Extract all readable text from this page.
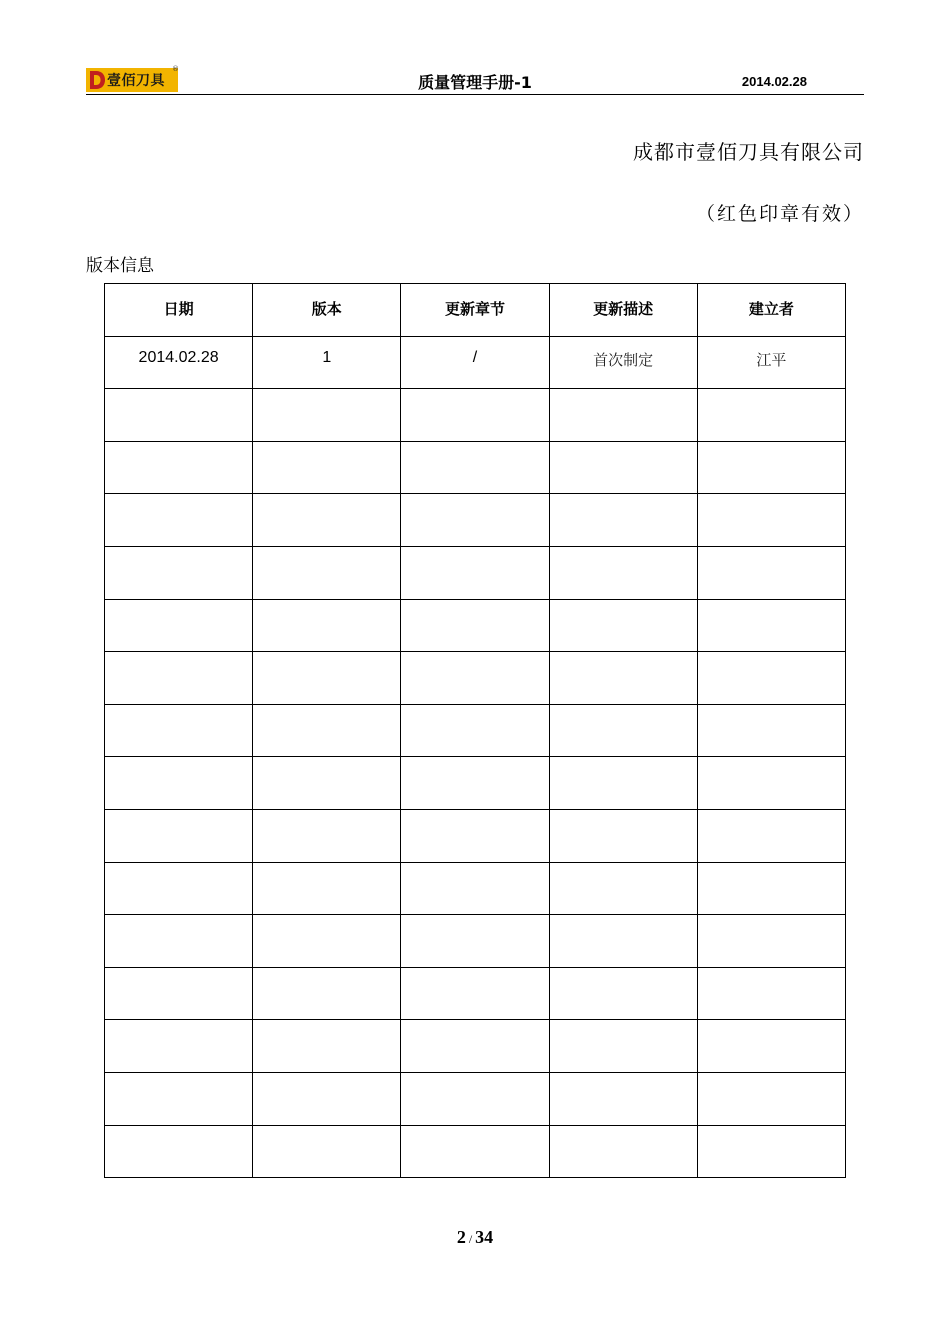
壹佰刀具
®
质量管理手册-1	2014.02.28
成都市壹佰刀具有限公司
（红色印章有效）
版本信息
日期	版本	更新章节	更新描述	建立者
2014.02.28	1	/	首次制定	江平

2 / 34
